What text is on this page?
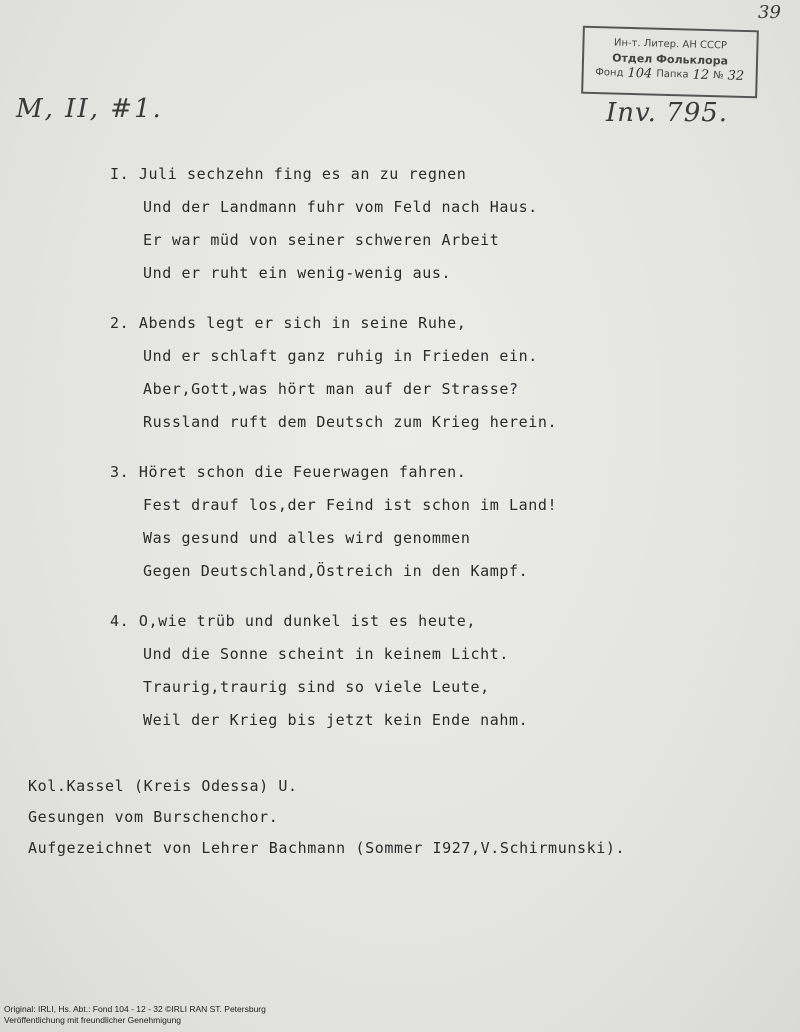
39
M, II, #1.	Inv. 795.
Ин-т. Литер. АН СССР
Отдел Фольклора
Фонд 104 Папка 12 № 32
I. Juli sechzehn fing es an zu regnen
Und der Landmann fuhr vom Feld nach Haus.
Er war müd von seiner schweren Arbeit
Und er ruht ein wenig-wenig aus.
2. Abends legt er sich in seine Ruhe,
Und er schlaft ganz ruhig in Frieden ein.
Aber,Gott,was hört man auf der Strasse?
Russland ruft dem Deutsch zum Krieg herein.
3. Höret schon die Feuerwagen fahren.
Fest drauf los,der Feind ist schon im Land!
Was gesund und alles wird genommen
Gegen Deutschland,Östreich in den Kampf.
4. O,wie trüb und dunkel ist es heute,
Und die Sonne scheint in keinem Licht.
Traurig,traurig sind so viele Leute,
Weil der Krieg bis jetzt kein Ende nahm.
Kol.Kassel (Kreis Odessa) U.
Gesungen vom Burschenchor.
Aufgezeichnet von Lehrer Bachmann (Sommer I927,V.Schirmunski).
Original: IRLI, Hs. Abt.: Fond 104 - 12 - 32 ©IRLI RAN ST. Petersburg
Veröffentlichung mit freundlicher Genehmigung
